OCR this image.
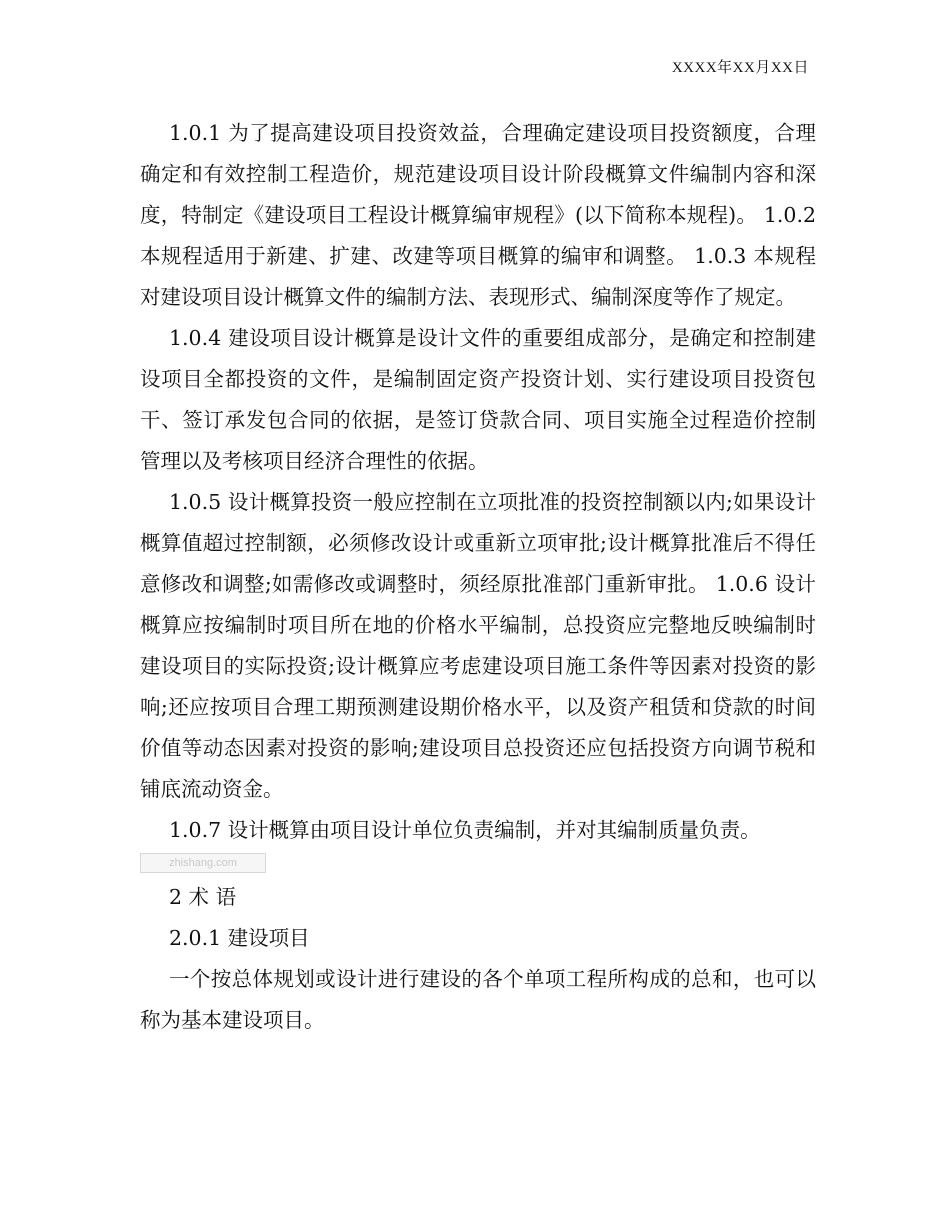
XXXX年XX月XX日

1.0.1 为了提高建设项目投资效益，合理确定建设项目投资额度，合理确定和有效控制工程造价，规范建设项目设计阶段概算文件编制内容和深度，特制定《建设项目工程设计概算编审规程》(以下简称本规程)。 1.0.2 本规程适用于新建、扩建、改建等项目概算的编审和调整。 1.0.3 本规程对建设项目设计概算文件的编制方法、表现形式、编制深度等作了规定。

1.0.4 建设项目设计概算是设计文件的重要组成部分，是确定和控制建设项目全都投资的文件，是编制固定资产投资计划、实行建设项目投资包干、签订承发包合同的依据，是签订贷款合同、项目实施全过程造价控制管理以及考核项目经济合理性的依据。

1.0.5 设计概算投资一般应控制在立项批准的投资控制额以内;如果设计概算值超过控制额，必须修改设计或重新立项审批;设计概算批准后不得任意修改和调整;如需修改或调整时，须经原批准部门重新审批。 1.0.6 设计概算应按编制时项目所在地的价格水平编制，总投资应完整地反映编制时建设项目的实际投资;设计概算应考虑建设项目施工条件等因素对投资的影响;还应按项目合理工期预测建设期价格水平，以及资产租赁和贷款的时间价值等动态因素对投资的影响;建设项目总投资还应包括投资方向调节税和铺底流动资金。

1.0.7 设计概算由项目设计单位负责编制，并对其编制质量负责。

zhishang.com

2 术 语

2.0.1 建设项目

一个按总体规划或设计进行建设的各个单项工程所构成的总和，也可以称为基本建设项目。
